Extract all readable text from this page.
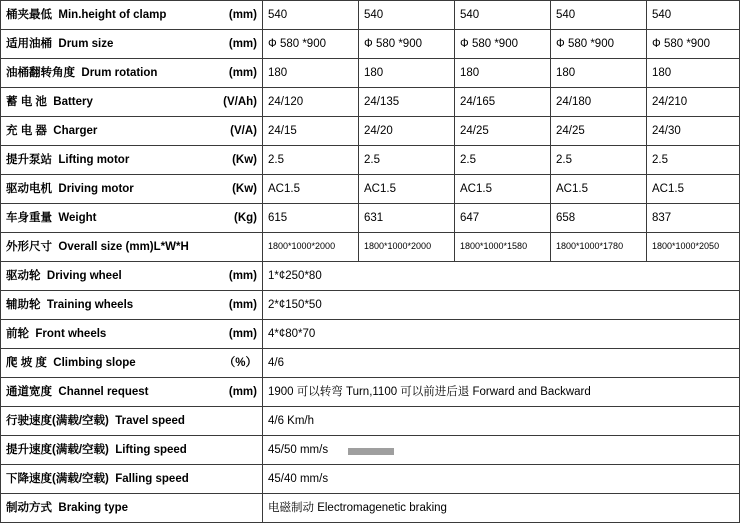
桶夹最低 Min.height of clamp (mm)	540	540	540	540	540
适用油桶 Drum size (mm)	Ф 580 *900	Ф 580 *900	Ф 580 *900	Ф 580 *900	Ф 580 *900
油桶翻转角度 Drum rotation (mm)	180	180	180	180	180
蓄 电 池 Battery (V/Ah)	24/120	24/135	24/165	24/180	24/210
充 电 器 Charger (V/A)	24/15	24/20	24/25	24/25	24/30
提升泵站 Lifting motor (Kw)	2.5	2.5	2.5	2.5	2.5
驱动电机 Driving motor (Kw)	AC1.5	AC1.5	AC1.5	AC1.5	AC1.5
车身重量 Weight (Kg)	615	631	647	658	837
外形尺寸 Overall size (mm)L*W*H	1800*1000*2000	1800*1000*2000	1800*1000*1580	1800*1000*1780	1800*1000*2050
驱动轮 Driving wheel (mm)	1*¢250*80				
辅助轮 Training wheels (mm)	2*¢150*50				
前轮 Front wheels (mm)	4*¢80*70				
爬 坡 度 Climbing slope （%）	4/6				
通道宽度 Channel request (mm)	1900 可以转弯 Turn,1100 可以前进后退 Forward and Backward				
行驶速度(满载/空载) Travel speed	4/6 Km/h				
提升速度(满载/空载) Lifting speed	45/50 mm/s				
下降速度(满载/空载) Falling speed	45/40 mm/s				
制动方式 Braking type	电磁制动 Electromagenetic braking				
